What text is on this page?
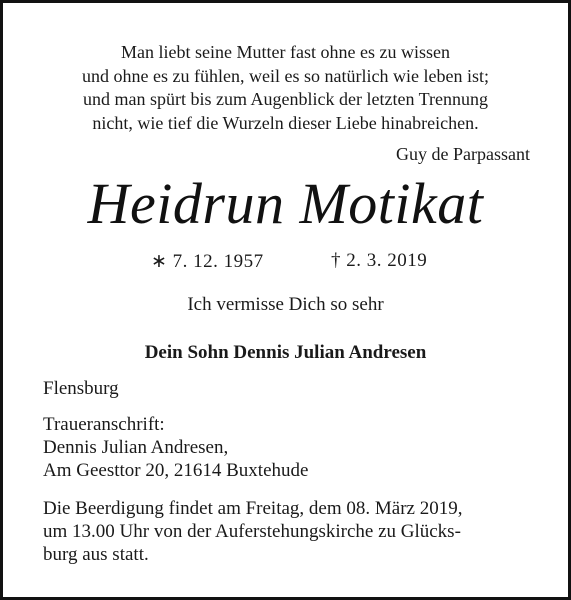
Man liebt seine Mutter fast ohne es zu wissen
und ohne es zu fühlen, weil es so natürlich wie leben ist;
und man spürt bis zum Augenblick der letzten Trennung
nicht, wie tief die Wurzeln dieser Liebe hinabreichen.
Guy de Parpassant
Heidrun Motikat
∗ 7. 12. 1957	† 2. 3. 2019
Ich vermisse Dich so sehr
Dein Sohn Dennis Julian Andresen
Flensburg
Traueranschrift:
Dennis Julian Andresen,
Am Geesttor 20, 21614 Buxtehude
Die Beerdigung findet am Freitag, dem 08. März 2019,
um 13.00 Uhr von der Auferstehungskirche zu Glücks-
burg aus statt.
